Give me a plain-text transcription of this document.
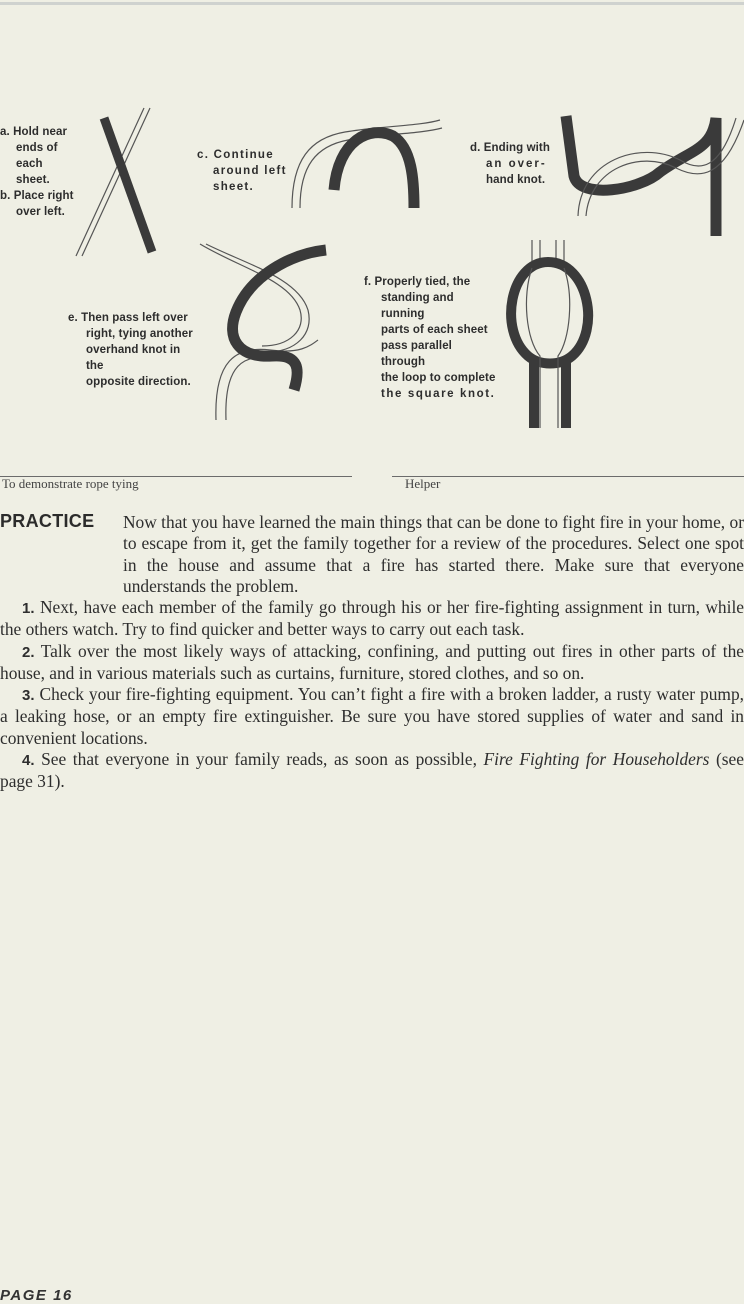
a. Hold near
ends of each
sheet.
b. Place right
over left.
c. Continue
around left
sheet.
d. Ending with
an over-
hand knot.
e. Then pass left over
right, tying another
overhand knot in the
opposite direction.
f. Properly tied, the
standing and running
parts of each sheet
pass parallel through
the loop to complete
the square knot.
To demonstrate rope tying	Helper
PRACTICE Now that you have learned the main things that can be done to fight fire in your home, or to escape from it, get the family together for a review of the procedures. Select one spot in the house and assume that a fire has started there. Make sure that everyone understands the problem.

1. Next, have each member of the family go through his or her fire-fighting assignment in turn, while the others watch. Try to find quicker and better ways to carry out each task.

2. Talk over the most likely ways of attacking, confining, and putting out fires in other parts of the house, and in various materials such as curtains, furniture, stored clothes, and so on.

3. Check your fire-fighting equipment. You can’t fight a fire with a broken ladder, a rusty water pump, a leaking hose, or an empty fire extinguisher. Be sure you have stored supplies of water and sand in convenient locations.

4. See that everyone in your family reads, as soon as possible, Fire Fighting for Householders (see page 31).

PAGE 16
